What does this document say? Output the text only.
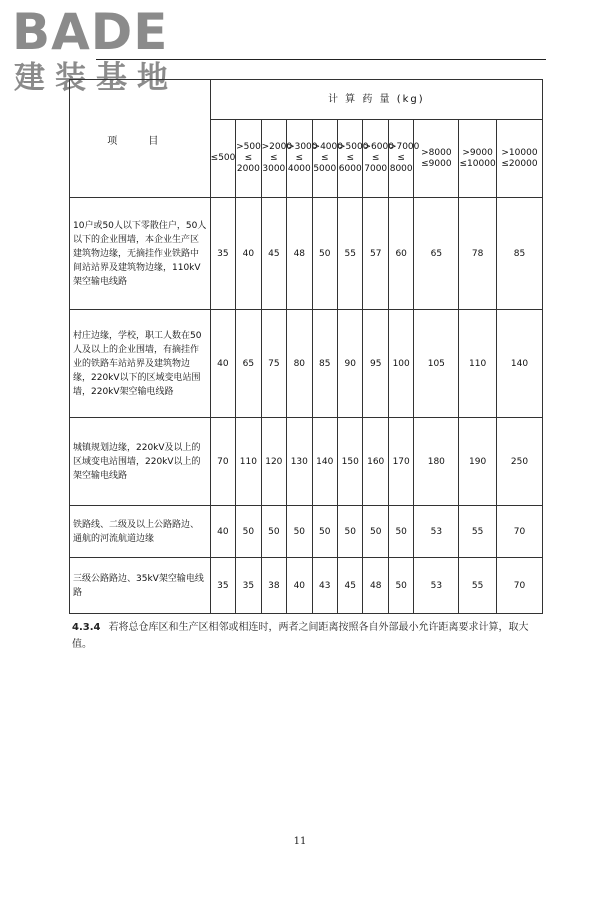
BADE
建装基地
项 目	计 算 药 量 (kg)										
	≤500	>500 ≤ 2000	>2000 ≤ 3000	>3000 ≤ 4000	>4000 ≤ 5000	>5000 ≤ 6000	>6000 ≤ 7000	>7000 ≤ 8000	>8000 ≤9000	>9000 ≤10000	>10000 ≤20000
10户或50人以下零散住户，50人以下的企业围墙，本企业生产区建筑物边缘，无摘挂作业铁路中间站站界及建筑物边缘，110kV架空输电线路	35	40	45	48	50	55	57	60	65	78	85
村庄边缘，学校，职工人数在50人及以上的企业围墙，有摘挂作业的铁路车站站界及建筑物边缘，220kV以下的区域变电站围墙，220kV架空输电线路	40	65	75	80	85	90	95	100	105	110	140
城镇规划边缘，220kV及以上的区域变电站围墙，220kV以上的架空输电线路	70	110	120	130	140	150	160	170	180	190	250
铁路线、二级及以上公路路边、通航的河流航道边缘	40	50	50	50	50	50	50	50	53	55	70
三级公路路边、35kV架空输电线路	35	35	38	40	43	45	48	50	53	55	70
4.3.4 若将总仓库区和生产区相邻或相连时，两者之间距离按照各自外部最小允许距离要求计算，取大值。
11
